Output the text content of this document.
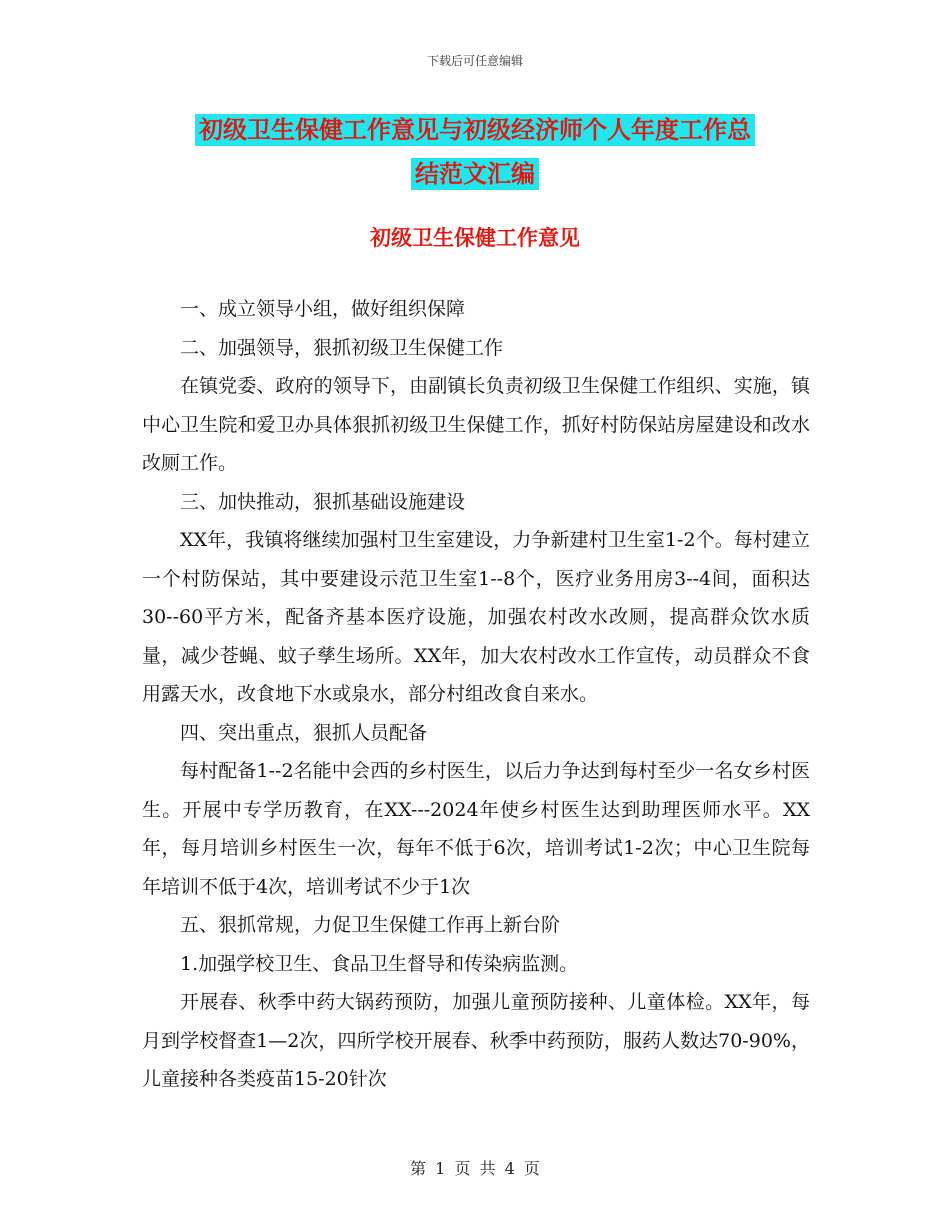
下载后可任意编辑
初级卫生保健工作意见与初级经济师个人年度工作总
结范文汇编
初级卫生保健工作意见

一、成立领导小组，做好组织保障

二、加强领导，狠抓初级卫生保健工作

在镇党委、政府的领导下，由副镇长负责初级卫生保健工作组织、实施，镇中心卫生院和爱卫办具体狠抓初级卫生保健工作，抓好村防保站房屋建设和改水改厕工作。

三、加快推动，狠抓基础设施建设

XX年，我镇将继续加强村卫生室建设，力争新建村卫生室1-2个。每村建立一个村防保站，其中要建设示范卫生室1--8个，医疗业务用房3--4间，面积达30--60平方米，配备齐基本医疗设施，加强农村改水改厕，提高群众饮水质量，减少苍蝇、蚊子孳生场所。XX年，加大农村改水工作宣传，动员群众不食用露天水，改食地下水或泉水，部分村组改食自来水。

四、突出重点，狠抓人员配备

每村配备1--2名能中会西的乡村医生，以后力争达到每村至少一名女乡村医生。开展中专学历教育，在XX---2024年使乡村医生达到助理医师水平。XX年，每月培训乡村医生一次，每年不低于6次，培训考试1-2次；中心卫生院每年培训不低于4次，培训考试不少于1次

五、狠抓常规，力促卫生保健工作再上新台阶

1.加强学校卫生、食品卫生督导和传染病监测。

开展春、秋季中药大锅药预防，加强儿童预防接种、儿童体检。XX年，每月到学校督查1—2次，四所学校开展春、秋季中药预防，服药人数达70-90%，儿童接种各类疫苗15-20针次

第 1 页 共 4 页
